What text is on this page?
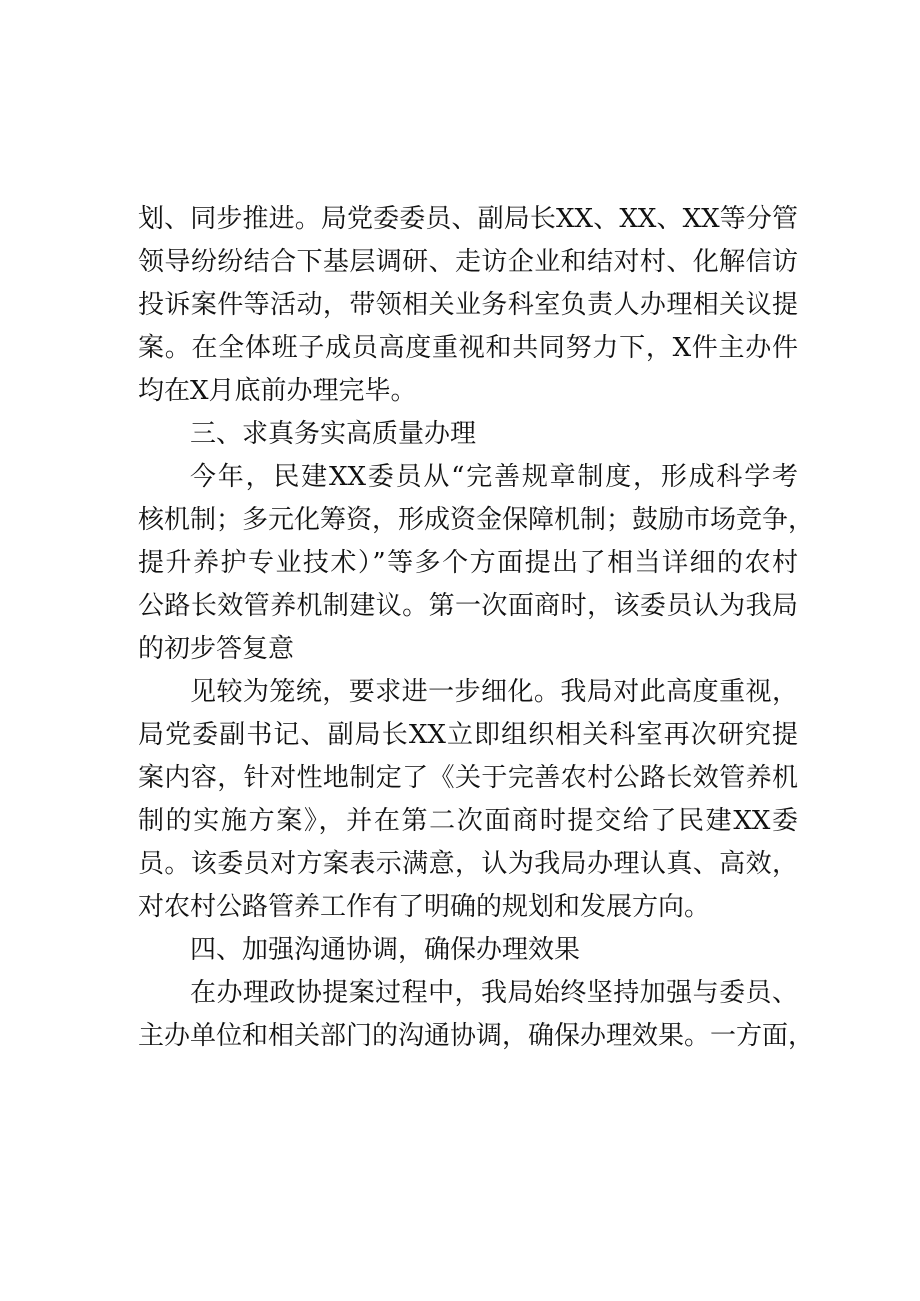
划、同步推进。局党委委员、副局长XX、XX、XX等分管
领导纷纷结合下基层调研、走访企业和结对村、化解信访
投诉案件等活动，带领相关业务科室负责人办理相关议提
案。在全体班子成员高度重视和共同努力下，X件主办件
均在X月底前办理完毕。
三、求真务实高质量办理
今年，民建XX委员从“完善规章制度，形成科学考
核机制；多元化筹资，形成资金保障机制；鼓励市场竞争，
提升养护专业技术）”等多个方面提出了相当详细的农村
公路长效管养机制建议。第一次面商时，该委员认为我局
的初步答复意
见较为笼统，要求进一步细化。我局对此高度重视，
局党委副书记、副局长XX立即组织相关科室再次研究提
案内容，针对性地制定了《关于完善农村公路长效管养机
制的实施方案》，并在第二次面商时提交给了民建XX委
员。该委员对方案表示满意，认为我局办理认真、高效，
对农村公路管养工作有了明确的规划和发展方向。
四、加强沟通协调，确保办理效果
在办理政协提案过程中，我局始终坚持加强与委员、
主办单位和相关部门的沟通协调，确保办理效果。一方面，
